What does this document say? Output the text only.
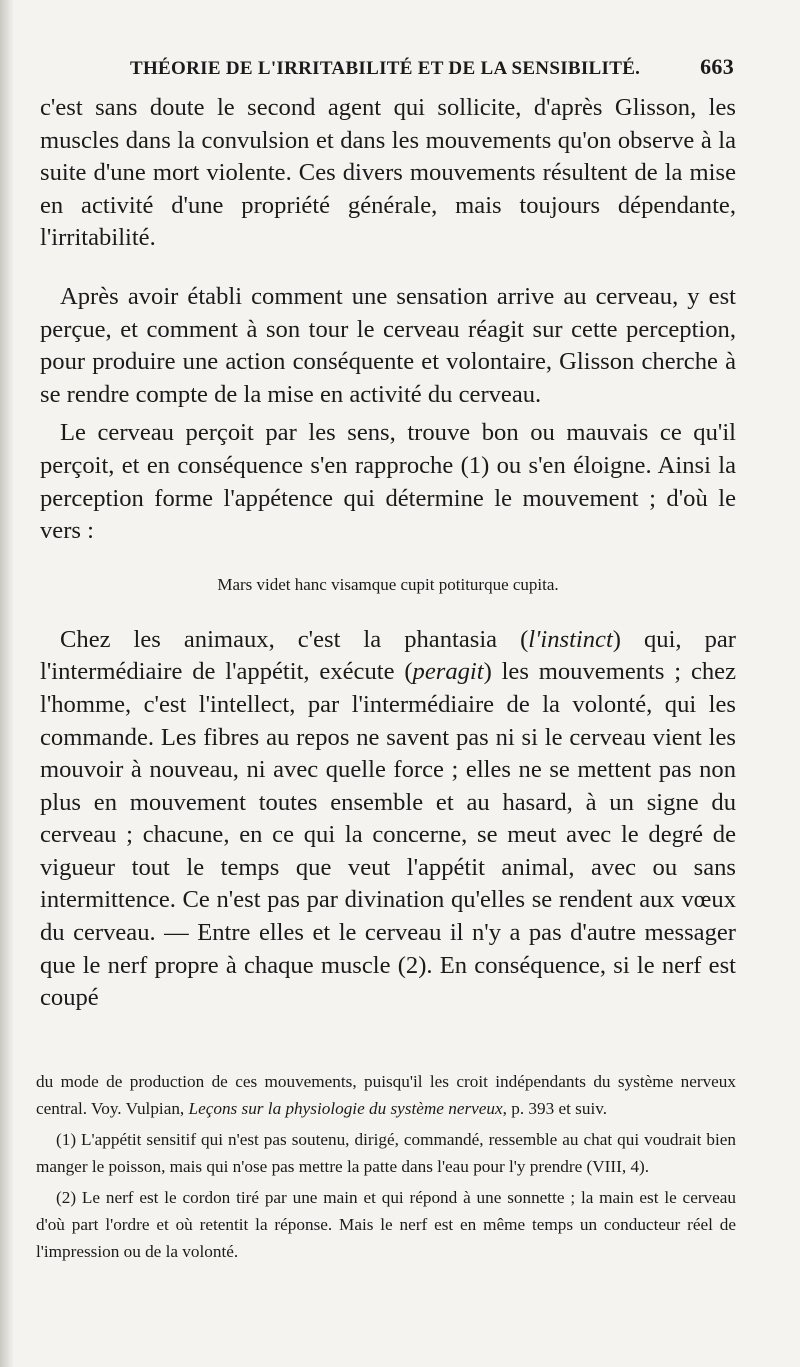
THÉORIE DE L'IRRITABILITÉ ET DE LA SENSIBILITÉ.	663

c'est sans doute le second agent qui sollicite, d'après Glisson, les muscles dans la convulsion et dans les mouvements qu'on observe à la suite d'une mort violente. Ces divers mouvements résultent de la mise en activité d'une propriété générale, mais toujours dépendante, l'irritabilité.

Après avoir établi comment une sensation arrive au cerveau, y est perçue, et comment à son tour le cerveau réagit sur cette perception, pour produire une action conséquente et volontaire, Glisson cherche à se rendre compte de la mise en activité du cerveau.

Le cerveau perçoit par les sens, trouve bon ou mauvais ce qu'il perçoit, et en conséquence s'en rapproche (1) ou s'en éloigne. Ainsi la perception forme l'appétence qui détermine le mouvement ; d'où le vers :

Mars videt hanc visamque cupit potiturque cupita.

Chez les animaux, c'est la phantasia (l'instinct) qui, par l'intermédiaire de l'appétit, exécute (peragit) les mouvements ; chez l'homme, c'est l'intellect, par l'intermédiaire de la volonté, qui les commande. Les fibres au repos ne savent pas ni si le cerveau vient les mouvoir à nouveau, ni avec quelle force ; elles ne se mettent pas non plus en mouvement toutes ensemble et au hasard, à un signe du cerveau ; chacune, en ce qui la concerne, se meut avec le degré de vigueur tout le temps que veut l'appétit animal, avec ou sans intermittence. Ce n'est pas par divination qu'elles se rendent aux vœux du cerveau. — Entre elles et le cerveau il n'y a pas d'autre messager que le nerf propre à chaque muscle (2). En conséquence, si le nerf est coupé

du mode de production de ces mouvements, puisqu'il les croit indépendants du système nerveux central. Voy. Vulpian, Leçons sur la physiologie du système nerveux, p. 393 et suiv.

(1) L'appétit sensitif qui n'est pas soutenu, dirigé, commandé, ressemble au chat qui voudrait bien manger le poisson, mais qui n'ose pas mettre la patte dans l'eau pour l'y prendre (VIII, 4).

(2) Le nerf est le cordon tiré par une main et qui répond à une sonnette ; la main est le cerveau d'où part l'ordre et où retentit la réponse. Mais le nerf est en même temps un conducteur réel de l'impression ou de la volonté.
